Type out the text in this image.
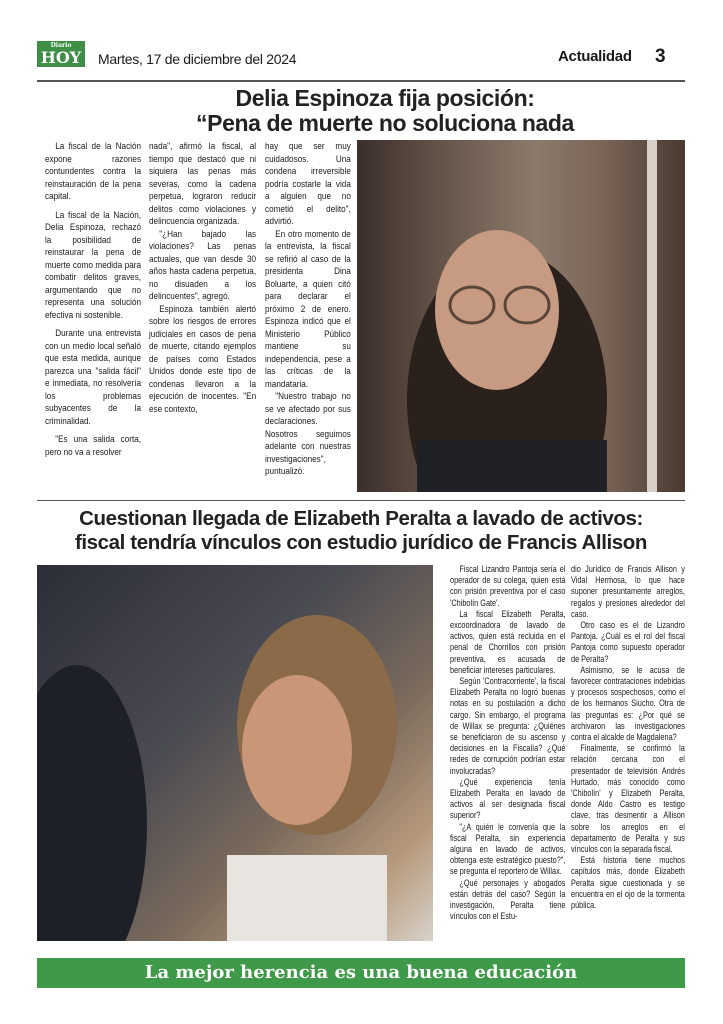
Diario
HOY Martes, 17 de diciembre del 2024	Actualidad 3
Delia Espinoza fija posición:
“Pena de muerte no soluciona nada

La fiscal de la Nación expone razones contundentes contra la reinstauración de la pena capital.

La fiscal de la Nación, Delia Espinoza, rechazó la posibilidad de reinstaurar la pena de muerte como medida para combatir delitos graves, argumentando que no representa una solución efectiva ni sostenible.

Durante una entrevista con un medio local señaló que esta medida, aunque parezca una "salida fácil" e inmediata, no resolvería los problemas subyacentes de la criminalidad.

"Es una salida corta, pero no va a resolver

nada", afirmó la fiscal, al tiempo que destacó que ni siquiera las penas más severas, como la cadena perpetua, lograron reducir delitos como violaciones y delincuencia organizada.

"¿Han bajado las violaciones? Las penas actuales, que van desde 30 años hasta cadena perpetua, no disuaden a los delincuentes", agregó.

Espinoza también alertó sobre los riesgos de errores judiciales en casos de pena de muerte, citando ejemplos de países como Estados Unidos donde este tipo de condenas llevaron a la ejecución de inocentes. "En ese contexto,

hay que ser muy cuidadosos. Una condena irreversible podría costarle la vida a alguien que no cometió el delito", advirtió.

En otro momento de la entrevista, la fiscal se refirió al caso de la presidenta Dina Boluarte, a quien citó para declarar el próximo 2 de enero. Espinoza indicó que el Ministerio Público mantiene su independencia, pese a las críticas de la mandataria.

"Nuestro trabajo no se ve afectado por sus declaraciones. Nosotros seguimos adelante con nuestras investigaciones", puntualizó.

Cuestionan llegada de Elizabeth Peralta a lavado de activos:
fiscal tendría vínculos con estudio jurídico de Francis Allison

Fiscal Lizandro Pantoja sería el operador de su colega, quien está con prisión preventiva por el caso 'Chibolín Gate'.

La fiscal Elizabeth Peralta, excoordinadora de lavado de activos, quien está recluida en el penal de Chorrillos con prisión preventiva, es acusada de beneficiar intereses particulares.

Según 'Contracorriente', la fiscal Elizabeth Peralta no logró buenas notas en su postulación a dicho cargo. Sin embargo, el programa de Willax se pregunta: ¿Quiénes se beneficiaron de su ascenso y decisiones en la Fiscalía? ¿Qué redes de corrupción podrían estar involucradas?

¿Qué experiencia tenía Elizabeth Peralta en lavado de activos al ser designada fiscal superior?

"¿A quién le convenía que la fiscal Peralta, sin experiencia alguna en lavado de activos, obtenga este estratégico puesto?", se pregunta el reportero de Willax.

¿Qué personajes y abogados están detrás del caso? Según la investigación, Peralta tiene vínculos con el Estu-

dio Jurídico de Francis Allison y Vidal Hermosa, lo que hace suponer presuntamente arreglos, regalos y presiones alrededor del caso.

Otro caso es el de Lizandro Pantoja. ¿Cuál es el rol del fiscal Pantoja como supuesto operador de Peralta?

Asimismo, se le acusa de favorecer contrataciones indebidas y procesos sospechosos, como el de los hermanos Siucho. Otra de las preguntas es: ¿Por qué se archivaron las investigaciones contra el alcalde de Magdalena?

Finalmente, se confirmó la relación cercana con el presentador de televisión Andrés Hurtado, más conocido como 'Chibolín' y Elizabeth Peralta, donde Aldo Castro es testigo clave, tras desmentir a Allison sobre los arreglos en el departamento de Peralta y sus vínculos con la separada fiscal.

Está historia tiene muchos capítulos más, donde Elizabeth Peralta sigue cuestionada y se encuentra en el ojo de la tormenta pública.

La mejor herencia es una buena educación
